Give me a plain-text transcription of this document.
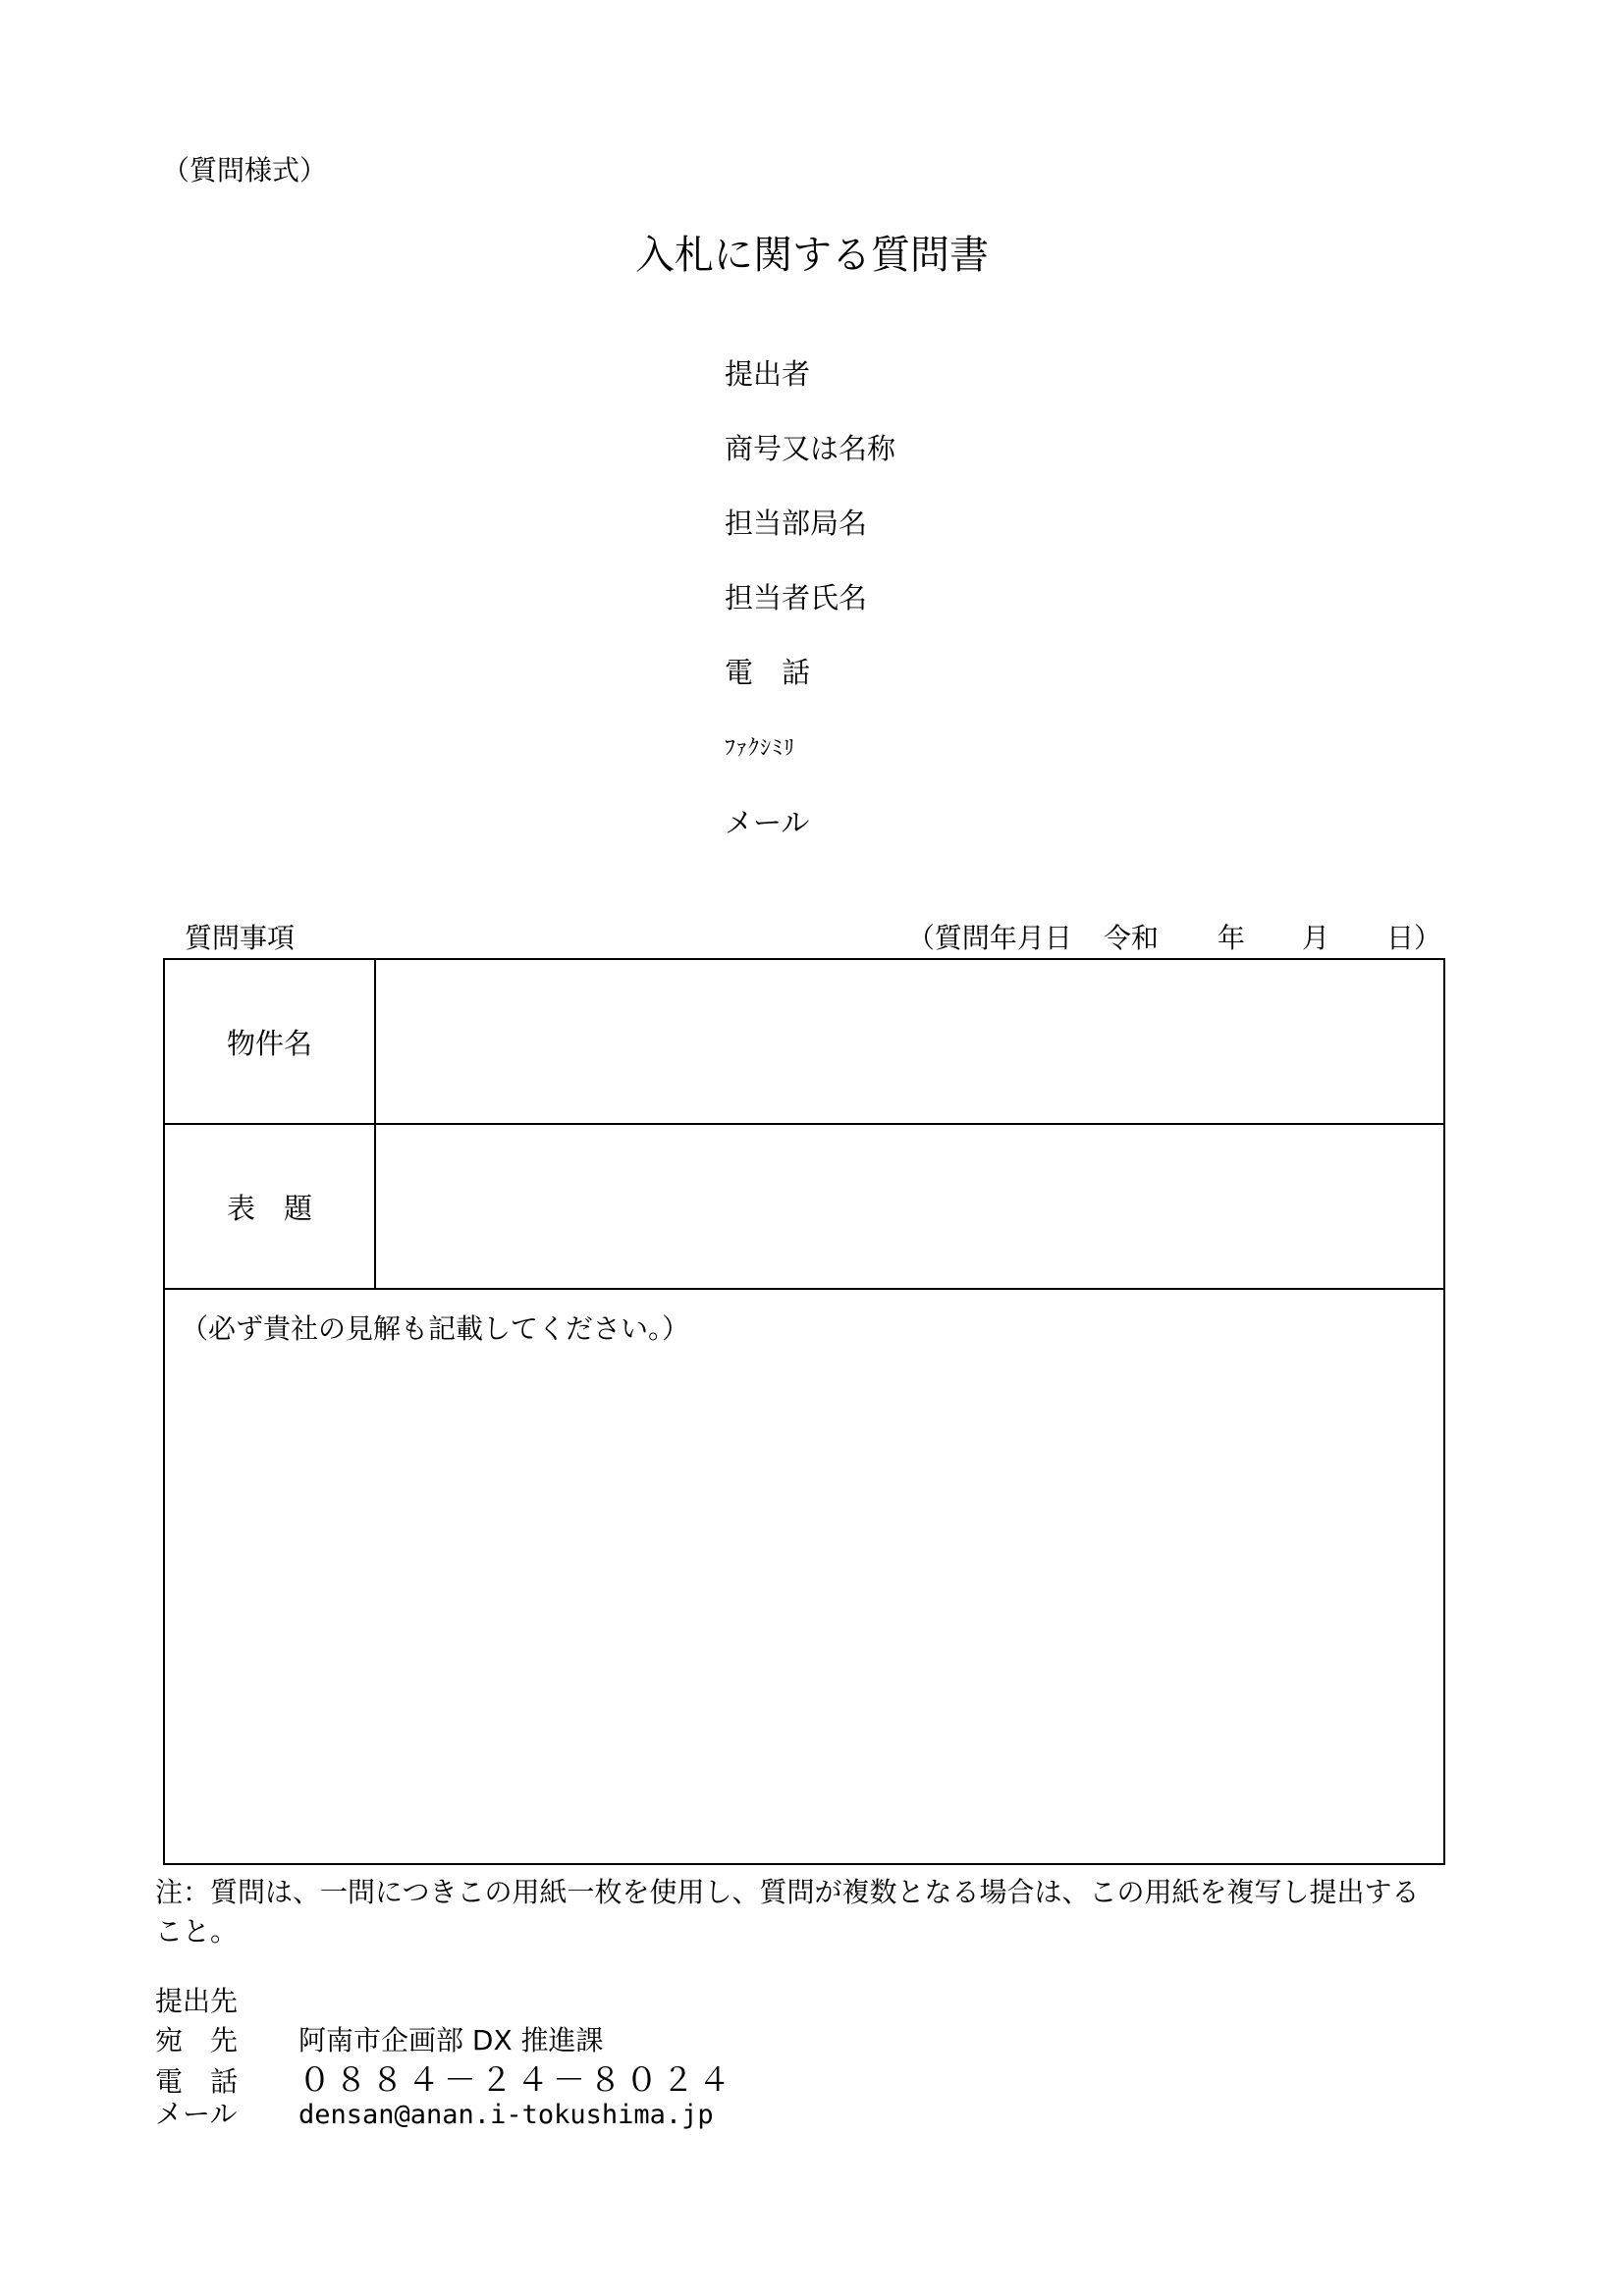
（質問様式）
入札に関する質問書
提出者
商号又は名称
担当部局名
担当者氏名
電　話
ﾌｧｸｼﾐﾘ
メール
質問事項	（質問年月日 令和 年 月 日）
物件名
表　題
（必ず貴社の見解も記載してください。）
注：質問は、一問につきこの用紙一枚を使用し、質問が複数となる場合は、この用紙を複写し提出すること。
提出先
宛　先 阿南市企画部 DX 推進課
電　話 ０８８４－２４－８０２４
メール densan@anan.i-tokushima.jp
